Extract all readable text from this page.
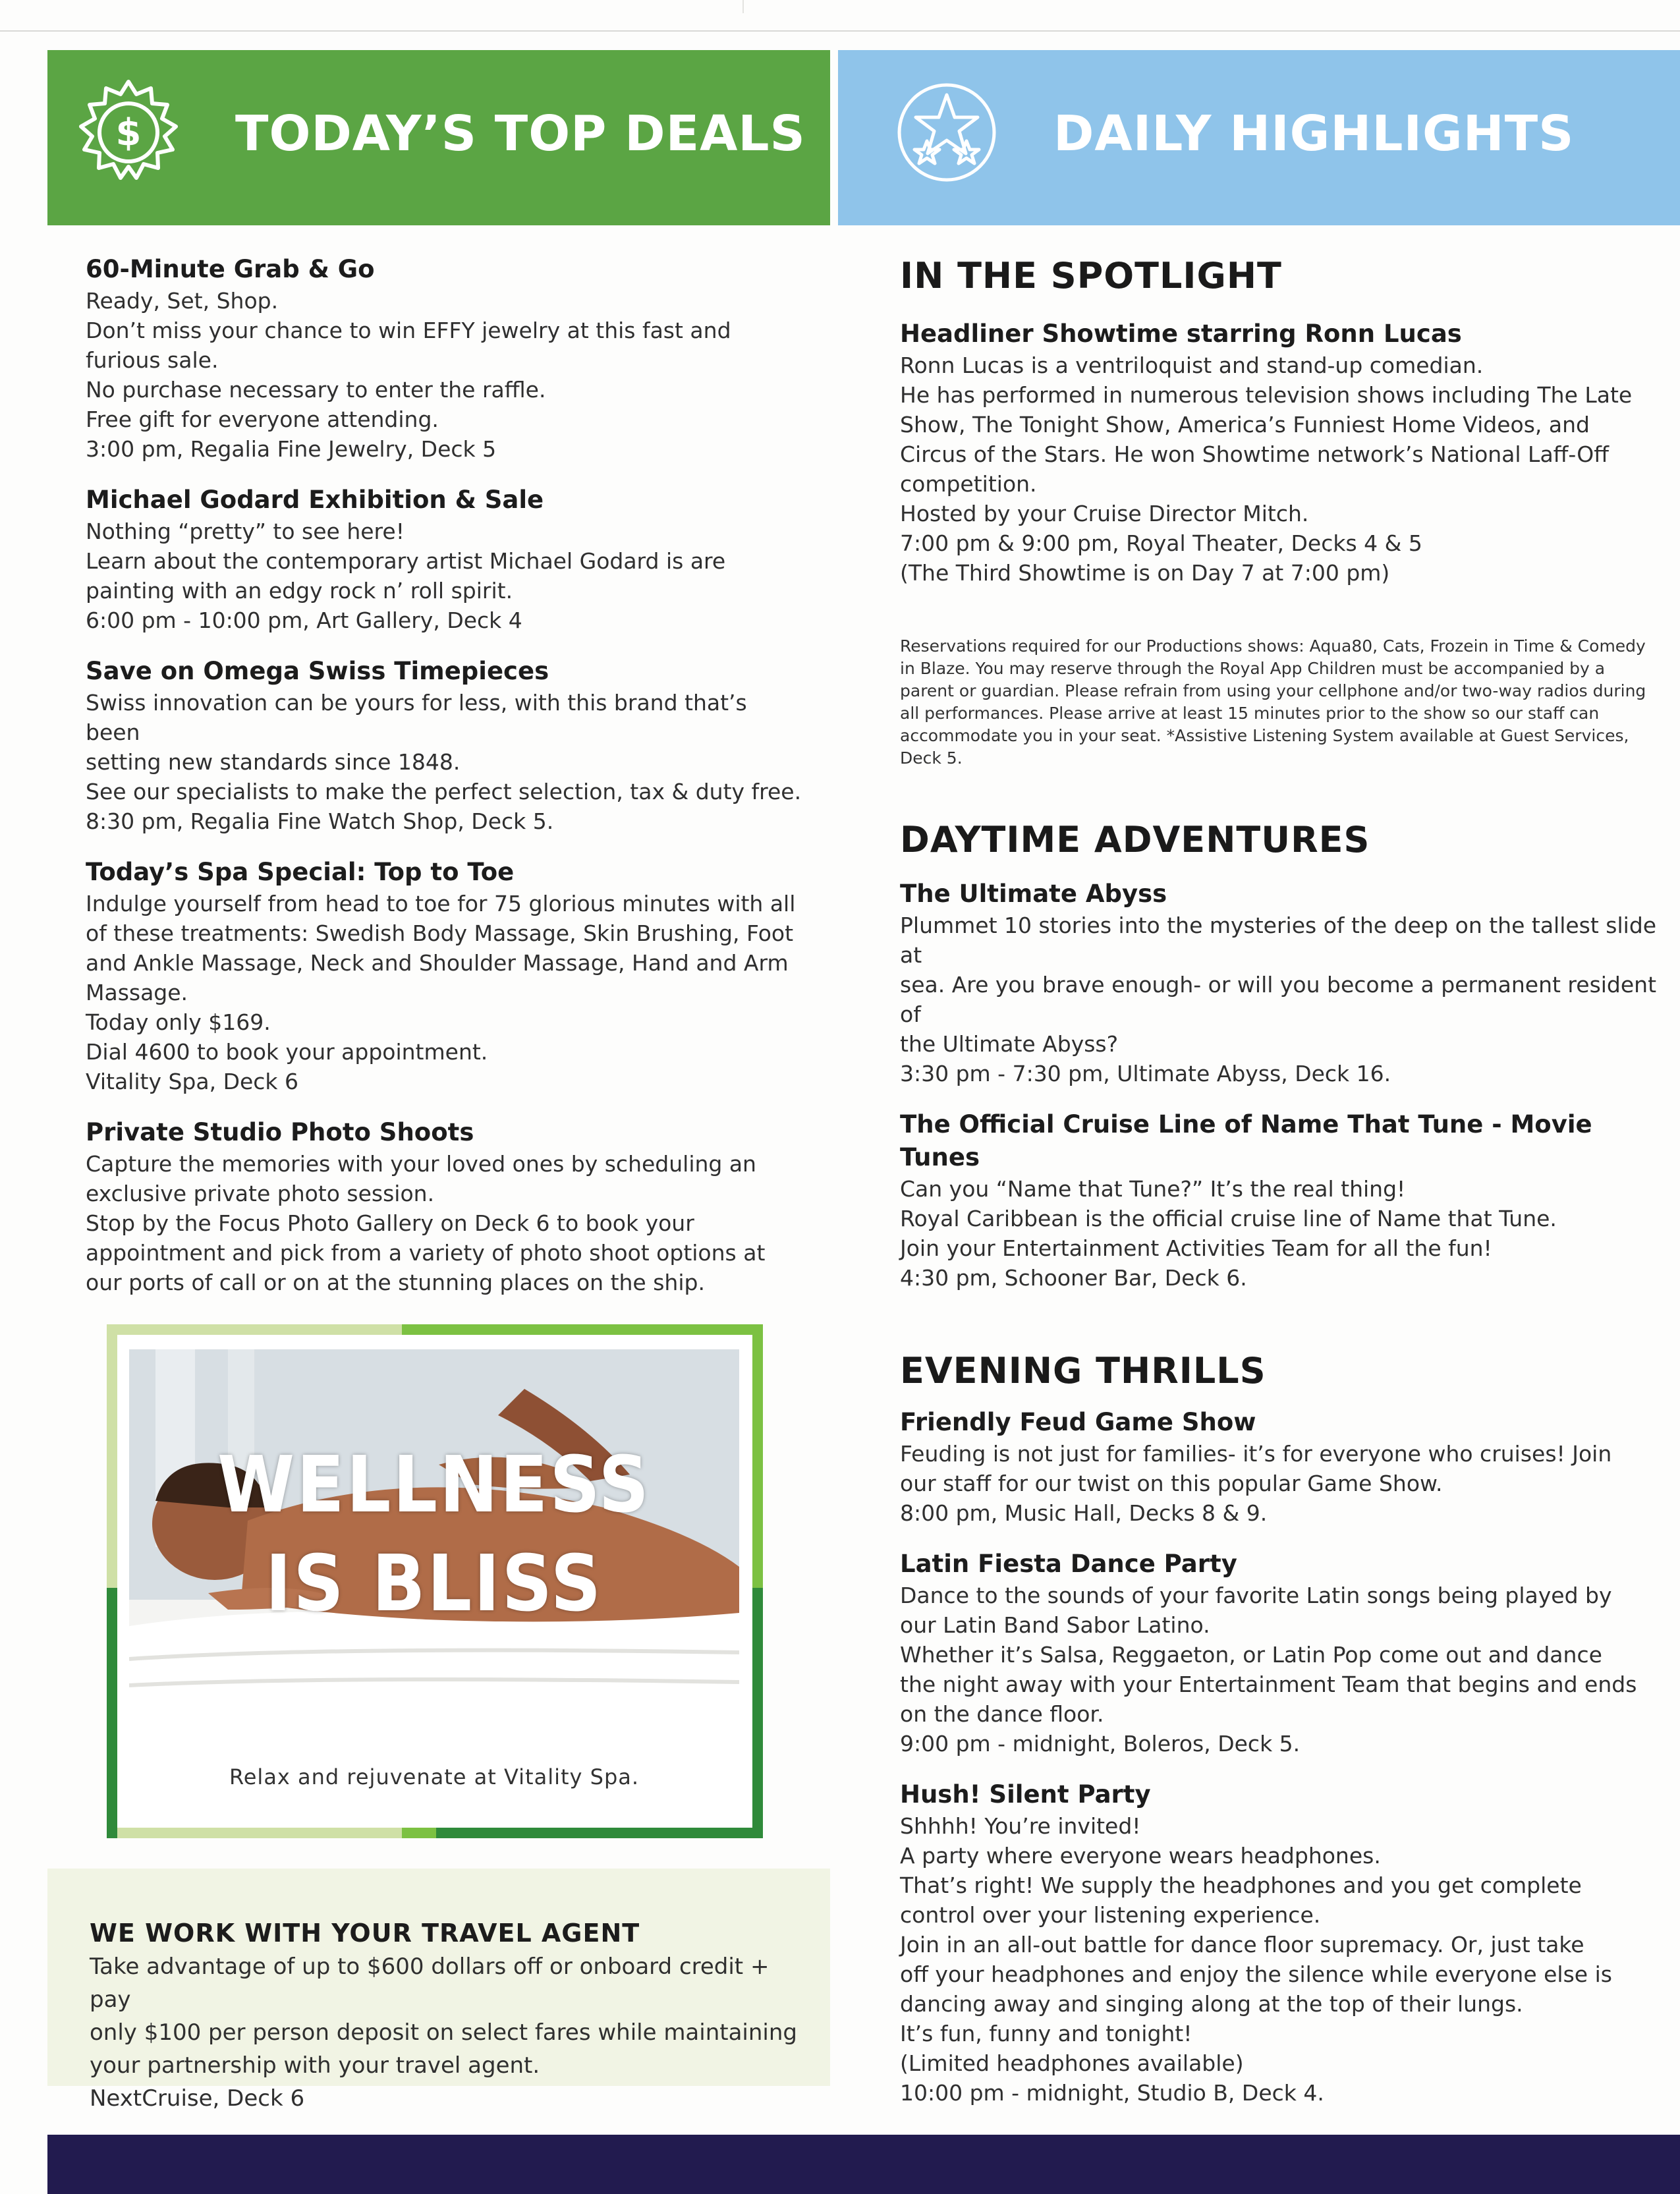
$ TODAY’S TOP DEALS	DAILY HIGHLIGHTS
60-Minute Grab & Go
Ready, Set, Shop.
Don’t miss your chance to win EFFY jewelry at this fast and
furious sale.
No purchase necessary to enter the raffle.
Free gift for everyone attending.
3:00 pm, Regalia Fine Jewelry, Deck 5
Michael Godard Exhibition & Sale
Nothing “pretty” to see here!
Learn about the contemporary artist Michael Godard is are
painting with an edgy rock n’ roll spirit.
6:00 pm - 10:00 pm, Art Gallery, Deck 4
Save on Omega Swiss Timepieces
Swiss innovation can be yours for less, with this brand that’s been
setting new standards since 1848.
See our specialists to make the perfect selection, tax & duty free.
8:30 pm, Regalia Fine Watch Shop, Deck 5.
Today’s Spa Special: Top to Toe
Indulge yourself from head to toe for 75 glorious minutes with all
of these treatments: Swedish Body Massage, Skin Brushing, Foot
and Ankle Massage, Neck and Shoulder Massage, Hand and Arm
Massage.
Today only $169.
Dial 4600 to book your appointment.
Vitality Spa, Deck 6
Private Studio Photo Shoots
Capture the memories with your loved ones by scheduling an
exclusive private photo session.
Stop by the Focus Photo Gallery on Deck 6 to book your
appointment and pick from a variety of photo shoot options at
our ports of call or on at the stunning places on the ship.
WELLNESS
IS BLISS
Relax and rejuvenate at Vitality Spa.
WE WORK WITH YOUR TRAVEL AGENT
Take advantage of up to $600 dollars off or onboard credit + pay
only $100 per person deposit on select fares while maintaining
your partnership with your travel agent.
NextCruise, Deck 6
IN THE SPOTLIGHT
Headliner Showtime starring Ronn Lucas
Ronn Lucas is a ventriloquist and stand-up comedian.
He has performed in numerous television shows including The Late
Show, The Tonight Show, America’s Funniest Home Videos, and
Circus of the Stars. He won Showtime network’s National Laff-Off
competition.
Hosted by your Cruise Director Mitch.
7:00 pm & 9:00 pm, Royal Theater, Decks 4 & 5
(The Third Showtime is on Day 7 at 7:00 pm)
Reservations required for our Productions shows: Aqua80, Cats, Frozein in Time & Comedy
in Blaze. You may reserve through the Royal App Children must be accompanied by a
parent or guardian. Please refrain from using your cellphone and/or two-way radios during
all performances. Please arrive at least 15 minutes prior to the show so our staff can
accommodate you in your seat. *Assistive Listening System available at Guest Services,
Deck 5.
DAYTIME ADVENTURES
The Ultimate Abyss
Plummet 10 stories into the mysteries of the deep on the tallest slide at
sea. Are you brave enough- or will you become a permanent resident of
the Ultimate Abyss?
3:30 pm - 7:30 pm, Ultimate Abyss, Deck 16.
The Official Cruise Line of Name That Tune - Movie Tunes
Can you “Name that Tune?” It’s the real thing!
Royal Caribbean is the official cruise line of Name that Tune.
Join your Entertainment Activities Team for all the fun!
4:30 pm, Schooner Bar, Deck 6.
EVENING THRILLS
Friendly Feud Game Show
Feuding is not just for families- it’s for everyone who cruises! Join
our staff for our twist on this popular Game Show.
8:00 pm, Music Hall, Decks 8 & 9.
Latin Fiesta Dance Party
Dance to the sounds of your favorite Latin songs being played by
our Latin Band Sabor Latino.
Whether it’s Salsa, Reggaeton, or Latin Pop come out and dance
the night away with your Entertainment Team that begins and ends
on the dance floor.
9:00 pm - midnight, Boleros, Deck 5.
Hush! Silent Party
Shhhh! You’re invited!
A party where everyone wears headphones.
That’s right! We supply the headphones and you get complete
control over your listening experience.
Join in an all-out battle for dance floor supremacy. Or, just take
off your headphones and enjoy the silence while everyone else is
dancing away and singing along at the top of their lungs.
It’s fun, funny and tonight!
(Limited headphones available)
10:00 pm - midnight, Studio B, Deck 4.
